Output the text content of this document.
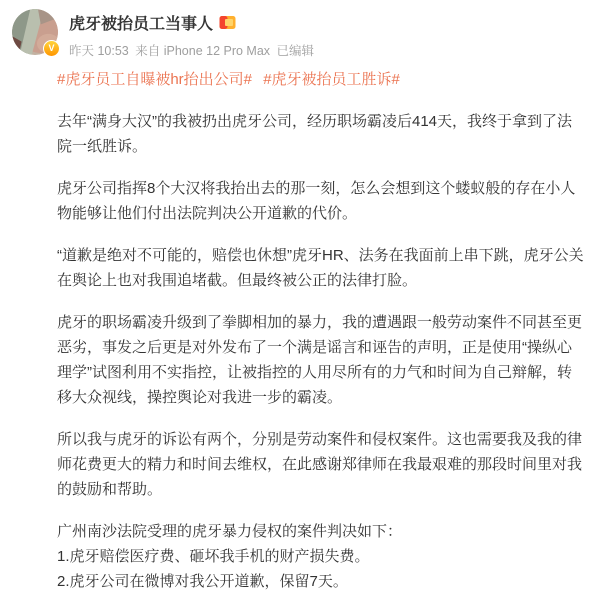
V
虎牙被抬员工当事人
昨天 10:53 来自 iPhone 12 Pro Max 已编辑

#虎牙员工自曝被hr抬出公司# #虎牙被抬员工胜诉#

去年“满身大汉”的我被扔出虎牙公司，经历职场霸凌后414天，我终于拿到了法院一纸胜诉。

虎牙公司指挥8个大汉将我抬出去的那一刻，怎么会想到这个蝼蚁般的存在小人物能够让他们付出法院判决公开道歉的代价。

“道歉是绝对不可能的，赔偿也休想”虎牙HR、法务在我面前上串下跳，虎牙公关在舆论上也对我围追堵截。但最终被公正的法律打脸。

虎牙的职场霸凌升级到了拳脚相加的暴力，我的遭遇跟一般劳动案件不同甚至更恶劣，事发之后更是对外发布了一个满是谣言和诬告的声明，正是使用“操纵心理学”试图利用不实指控，让被指控的人用尽所有的力气和时间为自己辩解，转移大众视线，操控舆论对我进一步的霸凌。

所以我与虎牙的诉讼有两个，分别是劳动案件和侵权案件。这也需要我及我的律师花费更大的精力和时间去维权，在此感谢郑律师在我最艰难的那段时间里对我的鼓励和帮助。

广州南沙法院受理的虎牙暴力侵权的案件判决如下：
1.虎牙赔偿医疗费、砸坏我手机的财产损失费。
2.虎牙公司在微博对我公开道歉，保留7天。
